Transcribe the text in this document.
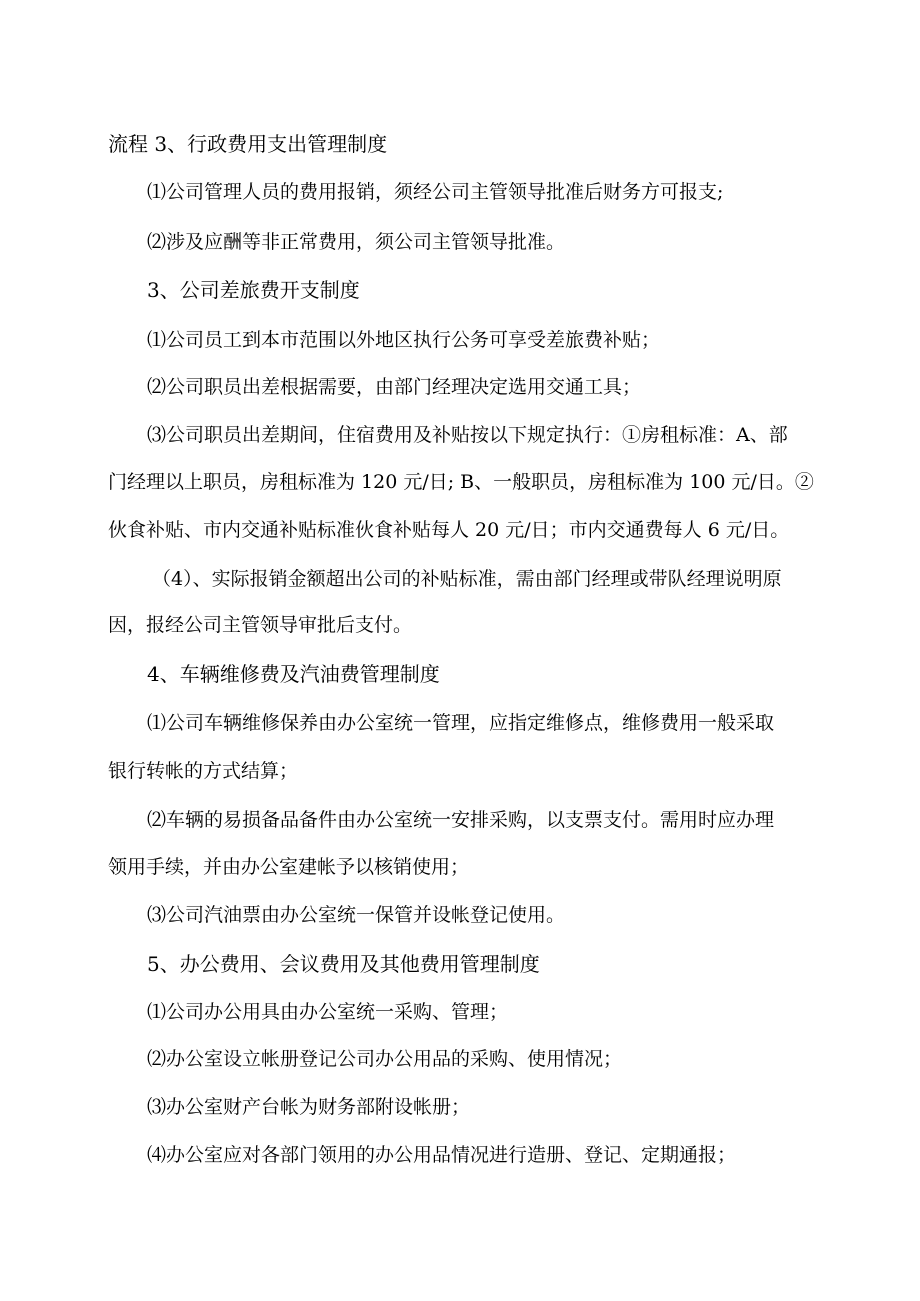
流程 3、行政费用支出管理制度
⑴公司管理人员的费用报销，须经公司主管领导批准后财务方可报支;
⑵涉及应酬等非正常费用，须公司主管领导批准。
3、公司差旅费开支制度
⑴公司员工到本市范围以外地区执行公务可享受差旅费补贴；
⑵公司职员出差根据需要，由部门经理决定选用交通工具；
⑶公司职员出差期间，住宿费用及补贴按以下规定执行：①房租标准：A、部
门经理以上职员，房租标准为 120 元/日; B、一般职员，房租标准为 100 元/日。②
伙食补贴、市内交通补贴标准伙食补贴每人 20 元/日；市内交通费每人 6 元/日。
（4）、实际报销金额超出公司的补贴标准，需由部门经理或带队经理说明原
因，报经公司主管领导审批后支付。
4、车辆维修费及汽油费管理制度
⑴公司车辆维修保养由办公室统一管理，应指定维修点，维修费用一般采取
银行转帐的方式结算；
⑵车辆的易损备品备件由办公室统一安排采购，以支票支付。需用时应办理
领用手续，并由办公室建帐予以核销使用；
⑶公司汽油票由办公室统一保管并设帐登记使用。
5、办公费用、会议费用及其他费用管理制度
⑴公司办公用具由办公室统一采购、管理；
⑵办公室设立帐册登记公司办公用品的采购、使用情况；
⑶办公室财产台帐为财务部附设帐册；
⑷办公室应对各部门领用的办公用品情况进行造册、登记、定期通报；
